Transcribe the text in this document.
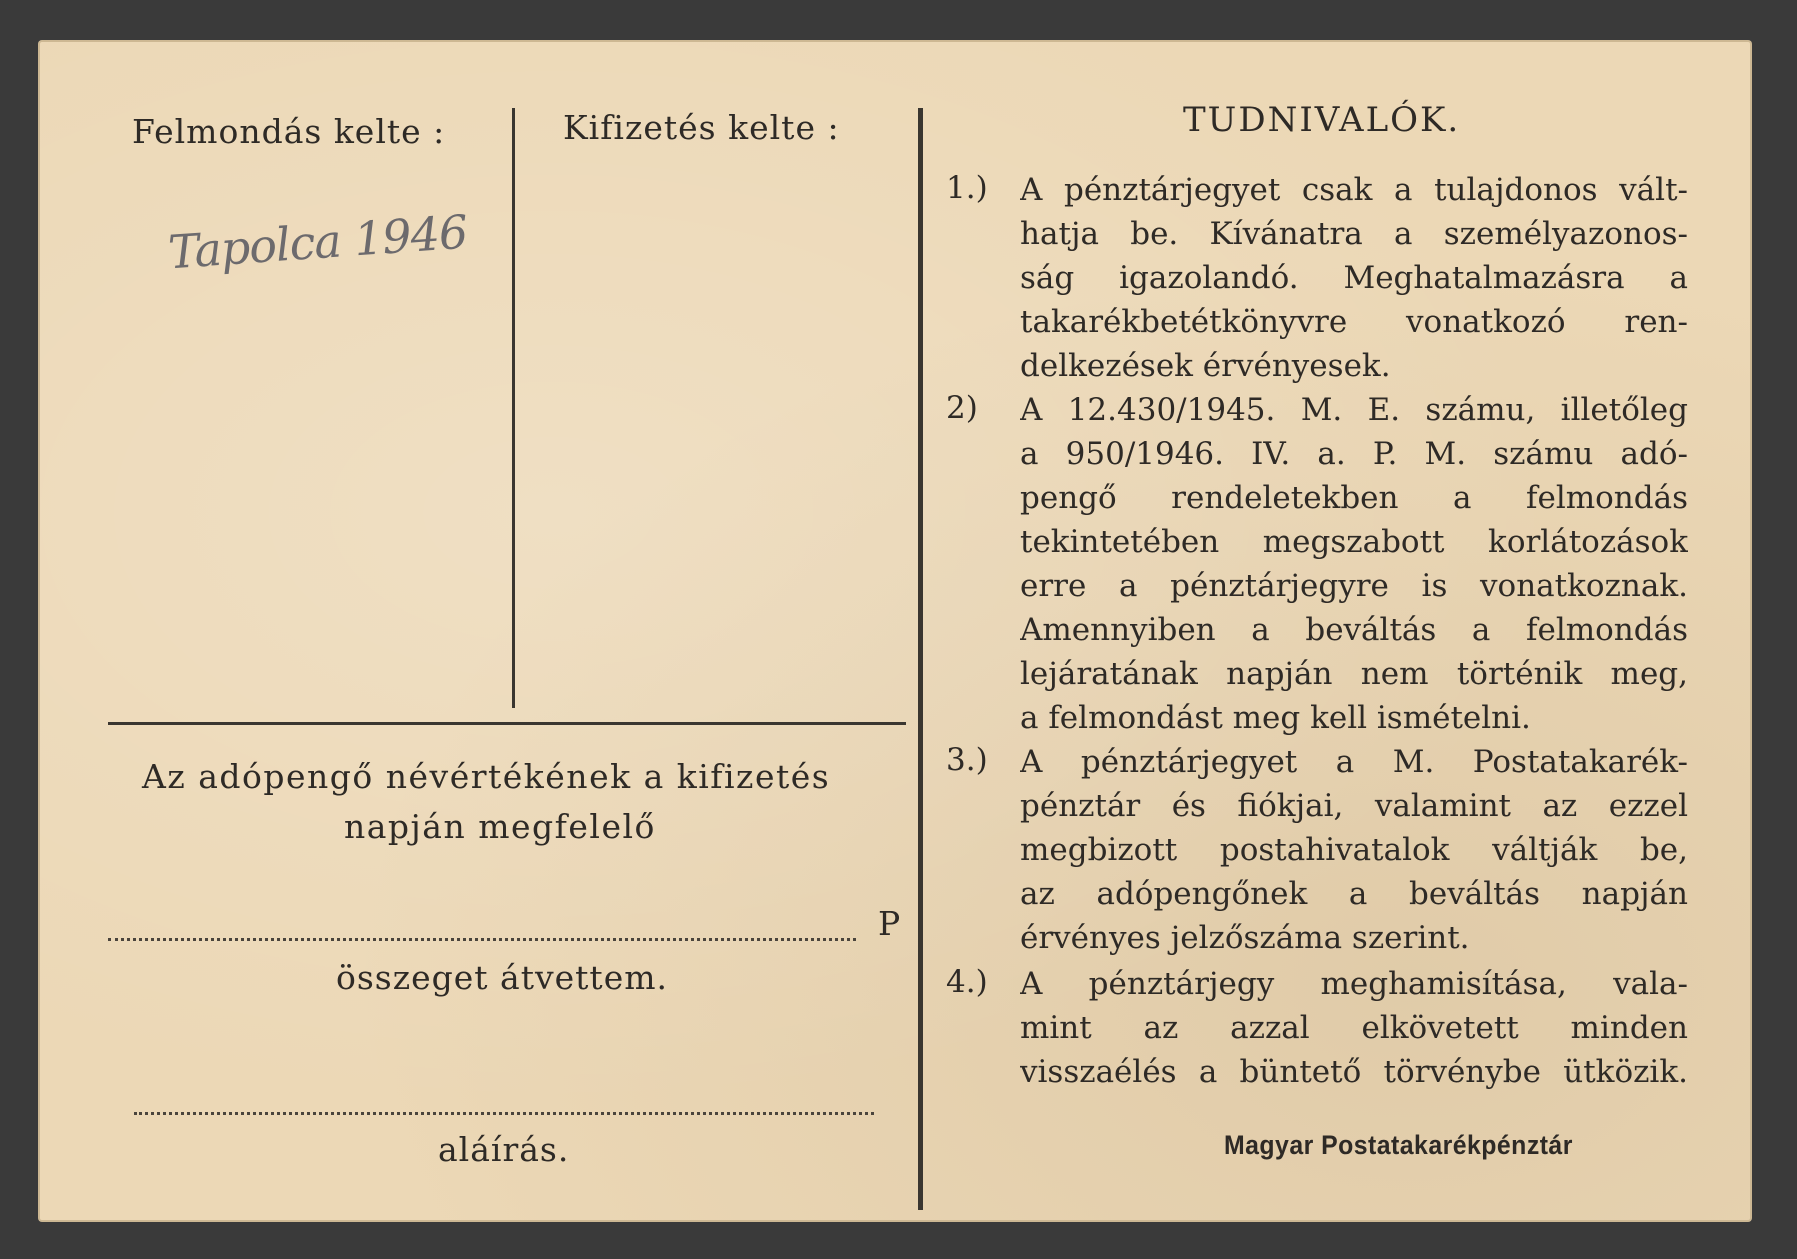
Felmondás kelte :	Kifizetés kelte :
Tapolca 1946
Az adópengő névértékének a kifizetés
napján megfelelő
P
összeget átvettem.
aláírás.
TUDNIVALÓK.
1.) A pénztárjegyet csak a tulajdonos vált-
hatja be. Kívánatra a személyazonos-
ság igazolandó. Meghatalmazásra a
takarékbetétkönyvre vonatkozó ren-
delkezések érvényesek.
2) A 12.430/1945. M. E. számu, illetőleg
a 950/1946. IV. a. P. M. számu adó-
pengő rendeletekben a felmondás
tekintetében megszabott korlátozások
erre a pénztárjegyre is vonatkoznak.
Amennyiben a beváltás a felmondás
lejáratának napján nem történik meg,
a felmondást meg kell ismételni.
3.) A pénztárjegyet a M. Postatakarék-
pénztár és fiókjai, valamint az ezzel
megbizott postahivatalok váltják be,
az adópengőnek a beváltás napján
érvényes jelzőszáma szerint.
4.) A pénztárjegy meghamisítása, vala-
mint az azzal elkövetett minden
visszaélés a büntető törvénybe ütközik.
Magyar Postatakarékpénztár
